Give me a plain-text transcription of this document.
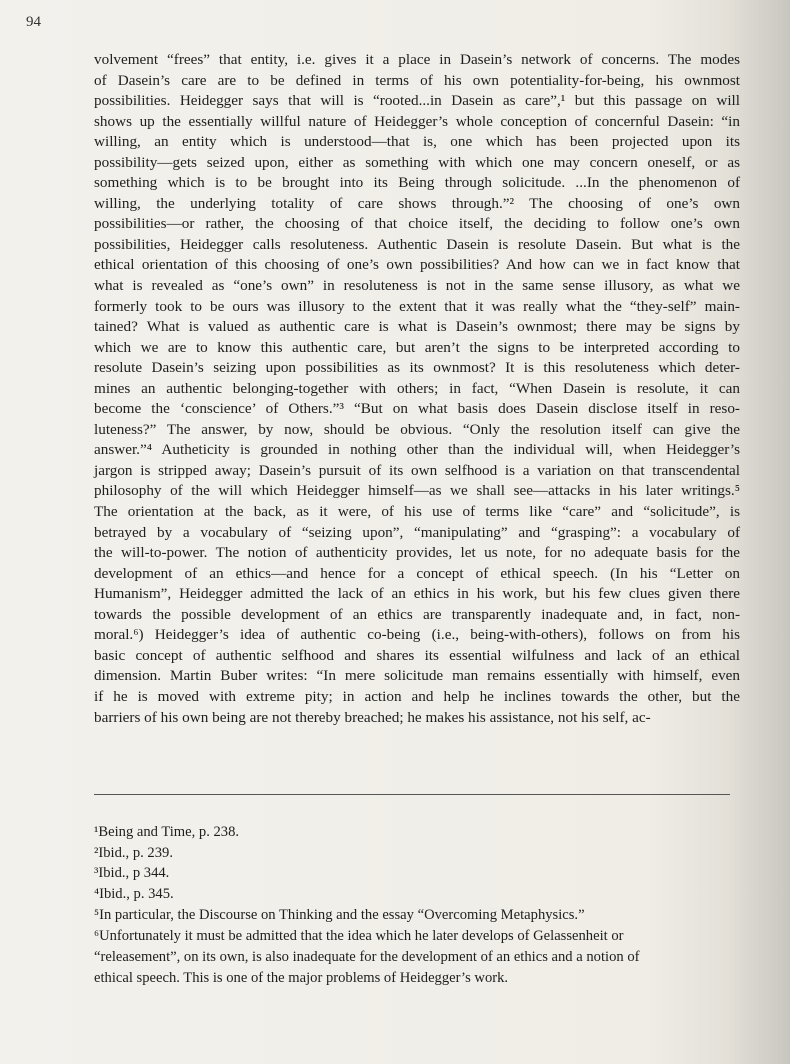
94
volvement “frees” that entity, i.e. gives it a place in Dasein’s network of concerns. The modes
of Dasein’s care are to be defined in terms of his own potentiality-for-being, his ownmost
possibilities. Heidegger says that will is “rooted...in Dasein as care”,¹ but this passage on will
shows up the essentially willful nature of Heidegger’s whole conception of concernful Dasein: “in
willing, an entity which is understood—that is, one which has been projected upon its
possibility—gets seized upon, either as something with which one may concern oneself, or as
something which is to be brought into its Being through solicitude. ...In the phenomenon of
willing, the underlying totality of care shows through.”² The choosing of one’s own
possibilities—or rather, the choosing of that choice itself, the deciding to follow one’s own
possibilities, Heidegger calls resoluteness. Authentic Dasein is resolute Dasein. But what is the
ethical orientation of this choosing of one’s own possibilities? And how can we in fact know that
what is revealed as “one’s own” in resoluteness is not in the same sense illusory, as what we
formerly took to be ours was illusory to the extent that it was really what the “they-self” main-
tained? What is valued as authentic care is what is Dasein’s ownmost; there may be signs by
which we are to know this authentic care, but aren’t the signs to be interpreted according to
resolute Dasein’s seizing upon possibilities as its ownmost? It is this resoluteness which deter-
mines an authentic belonging-together with others; in fact, “When Dasein is resolute, it can
become the ‘conscience’ of Others.”³ “But on what basis does Dasein disclose itself in reso-
luteness?” The answer, by now, should be obvious. “Only the resolution itself can give the
answer.”⁴ Autheticity is grounded in nothing other than the individual will, when Heidegger’s
jargon is stripped away; Dasein’s pursuit of its own selfhood is a variation on that transcendental
philosophy of the will which Heidegger himself—as we shall see—attacks in his later writings.⁵
The orientation at the back, as it were, of his use of terms like “care” and “solicitude”, is
betrayed by a vocabulary of “seizing upon”, “manipulating” and “grasping”: a vocabulary of
the will-to-power. The notion of authenticity provides, let us note, for no adequate basis for the
development of an ethics—and hence for a concept of ethical speech. (In his “Letter on
Humanism”, Heidegger admitted the lack of an ethics in his work, but his few clues given there
towards the possible development of an ethics are transparently inadequate and, in fact, non-
moral.⁶) Heidegger’s idea of authentic co-being (i.e., being-with-others), follows on from his
basic concept of authentic selfhood and shares its essential wilfulness and lack of an ethical
dimension. Martin Buber writes: “In mere solicitude man remains essentially with himself, even
if he is moved with extreme pity; in action and help he inclines towards the other, but the
barriers of his own being are not thereby breached; he makes his assistance, not his self, ac-
¹Being and Time, p. 238.
²Ibid., p. 239.
³Ibid., p 344.
⁴Ibid., p. 345.
⁵In particular, the Discourse on Thinking and the essay “Overcoming Metaphysics.”
⁶Unfortunately it must be admitted that the idea which he later develops of Gelassenheit or
“releasement”, on its own, is also inadequate for the development of an ethics and a notion of
ethical speech. This is one of the major problems of Heidegger’s work.
